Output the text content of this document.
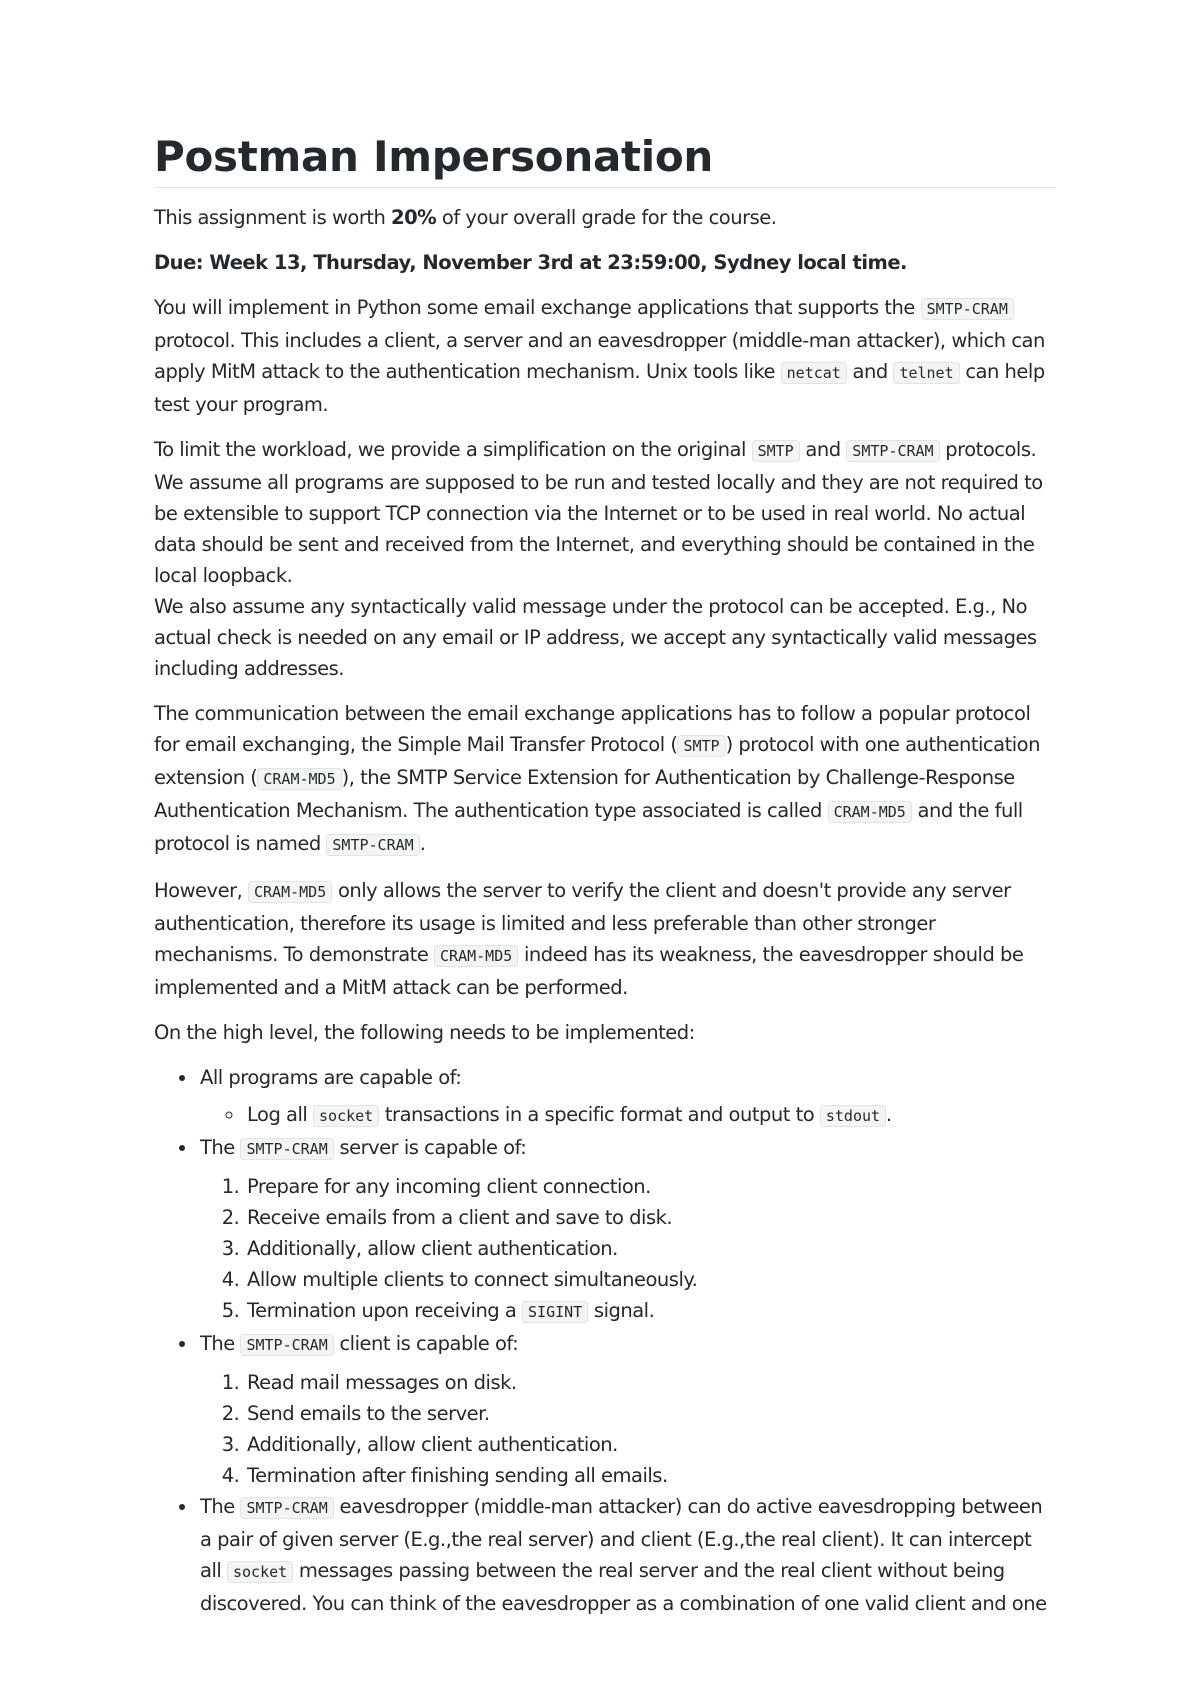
Postman Impersonation

This assignment is worth 20% of your overall grade for the course.

Due: Week 13, Thursday, November 3rd at 23:59:00, Sydney local time.

You will implement in Python some email exchange applications that supports the SMTP-CRAM protocol. This includes a client, a server and an eavesdropper (middle-man attacker), which can apply MitM attack to the authentication mechanism. Unix tools like netcat and telnet can help test your program.

To limit the workload, we provide a simplification on the original SMTP and SMTP-CRAM protocols. We assume all programs are supposed to be run and tested locally and they are not required to be extensible to support TCP connection via the Internet or to be used in real world. No actual data should be sent and received from the Internet, and everything should be contained in the local loopback.
We also assume any syntactically valid message under the protocol can be accepted. E.g., No actual check is needed on any email or IP address, we accept any syntactically valid messages including addresses.

The communication between the email exchange applications has to follow a popular protocol for email exchanging, the Simple Mail Transfer Protocol ( SMTP ) protocol with one authentication extension ( CRAM-MD5 ), the SMTP Service Extension for Authentication by Challenge-Response Authentication Mechanism. The authentication type associated is called CRAM-MD5 and the full protocol is named SMTP-CRAM .

However, CRAM-MD5 only allows the server to verify the client and doesn't provide any server authentication, therefore its usage is limited and less preferable than other stronger mechanisms. To demonstrate CRAM-MD5 indeed has its weakness, the eavesdropper should be implemented and a MitM attack can be performed.

On the high level, the following needs to be implemented:

• All programs are capable of:
◦ Log all socket transactions in a specific format and output to stdout .
• The SMTP-CRAM server is capable of:
1. Prepare for any incoming client connection.
2. Receive emails from a client and save to disk.
3. Additionally, allow client authentication.
4. Allow multiple clients to connect simultaneously.
5. Termination upon receiving a SIGINT signal.
• The SMTP-CRAM client is capable of:
1. Read mail messages on disk.
2. Send emails to the server.
3. Additionally, allow client authentication.
4. Termination after finishing sending all emails.
• The SMTP-CRAM eavesdropper (middle-man attacker) can do active eavesdropping between a pair of given server (E.g.,the real server) and client (E.g.,the real client). It can intercept all socket messages passing between the real server and the real client without being discovered. You can think of the eavesdropper as a combination of one valid client and one
